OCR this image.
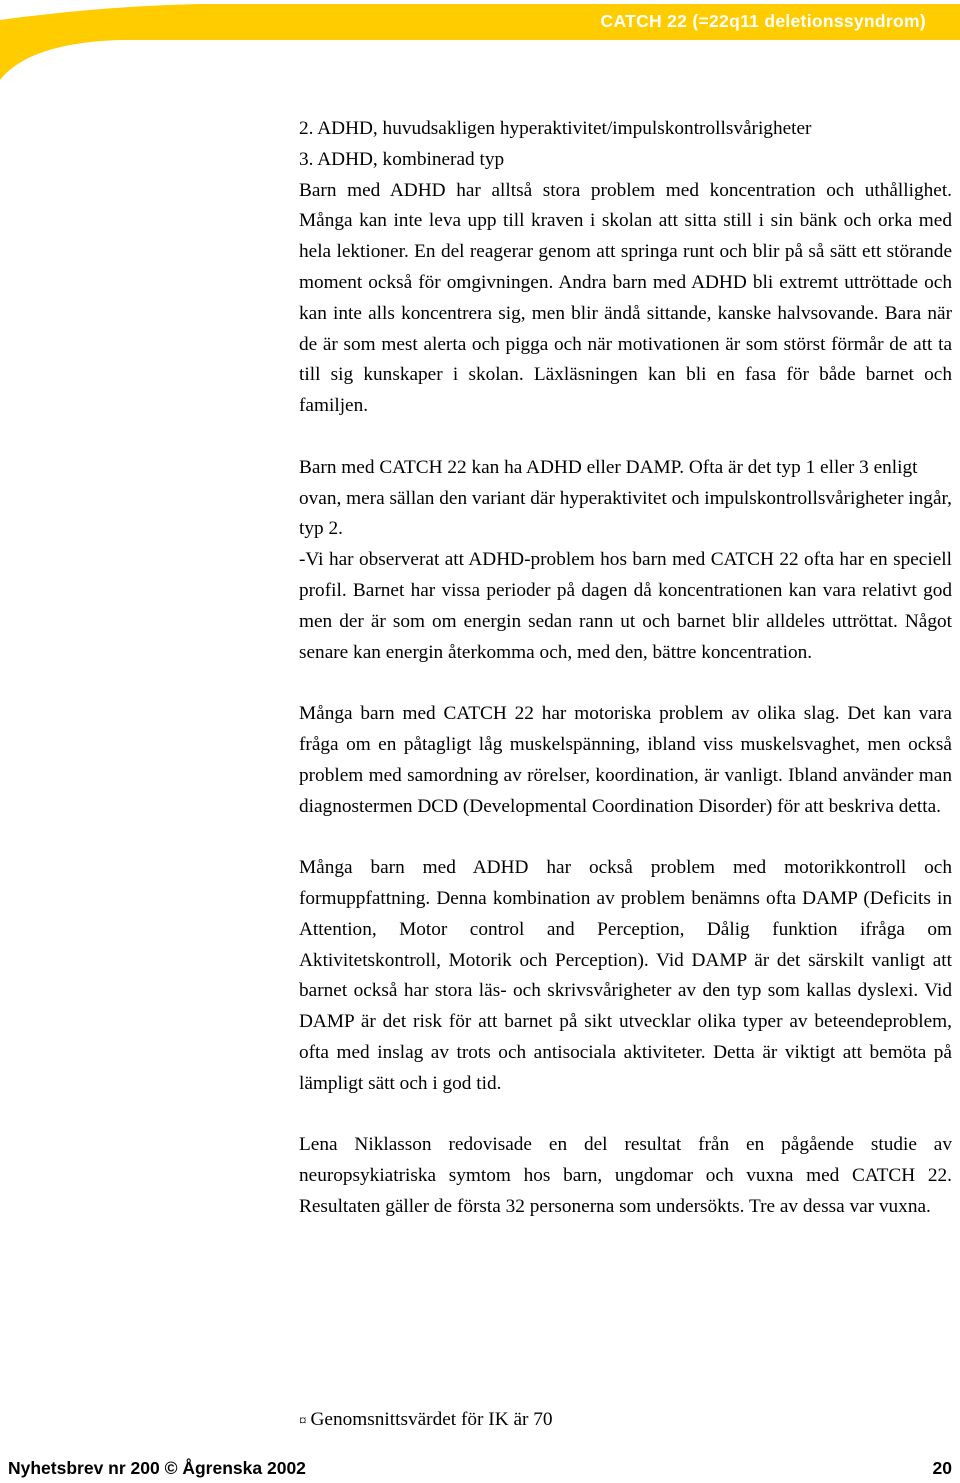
CATCH 22 (=22q11 deletionssyndrom)

2. ADHD, huvudsakligen hyperaktivitet/impulskontrollsvårigheter

3. ADHD, kombinerad typ

Barn med ADHD har alltså stora problem med koncentration och uthållighet. Många kan inte leva upp till kraven i skolan att sitta still i sin bänk och orka med hela lektioner. En del reagerar genom att springa runt och blir på så sätt ett störande moment också för omgivningen. Andra barn med ADHD bli extremt uttröttade och kan inte alls koncentrera sig, men blir ändå sittande, kanske halvsovande. Bara när de är som mest alerta och pigga och när motivationen är som störst förmår de att ta till sig kunskaper i skolan. Läxläsningen kan bli en fasa för både barnet och familjen.

Barn med CATCH 22 kan ha ADHD eller DAMP. Ofta är det typ 1 eller 3 enligt ovan, mera sällan den variant där hyperaktivitet och impulskontrollsvårigheter ingår, typ 2.

-Vi har observerat att ADHD-problem hos barn med CATCH 22 ofta har en speciell profil. Barnet har vissa perioder på dagen då koncentrationen kan vara relativt god men der är som om energin sedan rann ut och barnet blir alldeles uttröttat. Något senare kan energin återkomma och, med den, bättre koncentration.

Många barn med CATCH 22 har motoriska problem av olika slag. Det kan vara fråga om en påtagligt låg muskelspänning, ibland viss muskelsvaghet, men också problem med samordning av rörelser, koordination, är vanligt. Ibland använder man diagnostermen DCD (Developmental Coordination Disorder) för att beskriva detta.

Många barn med ADHD har också problem med motorikkontroll och formuppfattning. Denna kombination av problem benämns ofta DAMP (Deficits in Attention, Motor control and Perception, Dålig funktion ifråga om Aktivitetskontroll, Motorik och Perception). Vid DAMP är det särskilt vanligt att barnet också har stora läs- och skrivsvårigheter av den typ som kallas dyslexi. Vid DAMP är det risk för att barnet på sikt utvecklar olika typer av beteendeproblem, ofta med inslag av trots och antisociala aktiviteter. Detta är viktigt att bemöta på lämpligt sätt och i god tid.

Lena Niklasson redovisade en del resultat från en pågående studie av neuropsykiatriska symtom hos barn, ungdomar och vuxna med CATCH 22. Resultaten gäller de första 32 personerna som undersökts. Tre av dessa var vuxna.

¤ Genomsnittsvärdet för IK är 70
Nyhetsbrev nr 200 © Ågrenska 2002	20
